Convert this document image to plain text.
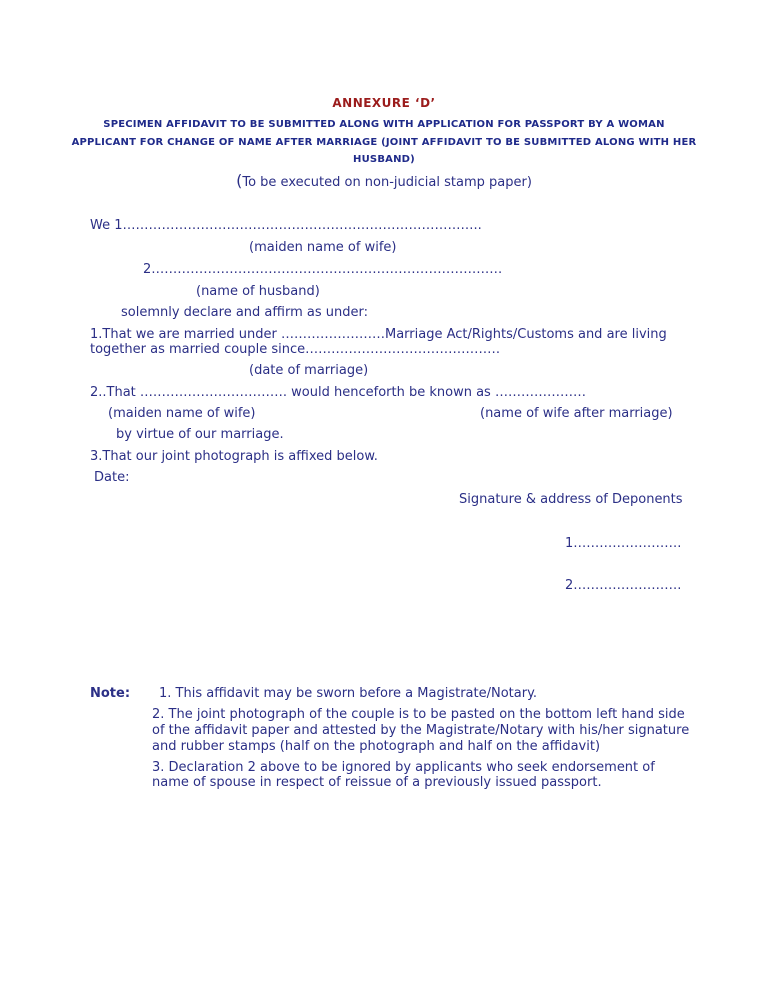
ANNEXURE ‘D’
SPECIMEN AFFIDAVIT TO BE SUBMITTED ALONG WITH APPLICATION FOR PASSPORT BY A WOMAN
APPLICANT FOR CHANGE OF NAME AFTER MARRIAGE (JOINT AFFIDAVIT TO BE SUBMITTED ALONG WITH HER
HUSBAND)
(To be executed on non-judicial stamp paper)
We 1………………………………………………………………………..
(maiden name of wife)
2………………………………………………………………………
(name of husband)
solemnly declare and affirm as under:
1.That we are married under ……………………Marriage Act/Rights/Customs and are living
together as married couple since………………………………………
(date of marriage)
2..That ……………………………. would henceforth be known as …………………
(maiden name of wife)	(name of wife after marriage)
by virtue of our marriage.
3.That our joint photograph is affixed below.
Date:
Signature & address of Deponents
1…………………….
2…………………….
Note: 1. This affidavit may be sworn before a Magistrate/Notary.
2. The joint photograph of the couple is to be pasted on the bottom left hand side
of the affidavit paper and attested by the Magistrate/Notary with his/her signature
and rubber stamps (half on the photograph and half on the affidavit)
3. Declaration 2 above to be ignored by applicants who seek endorsement of
name of spouse in respect of reissue of a previously issued passport.
